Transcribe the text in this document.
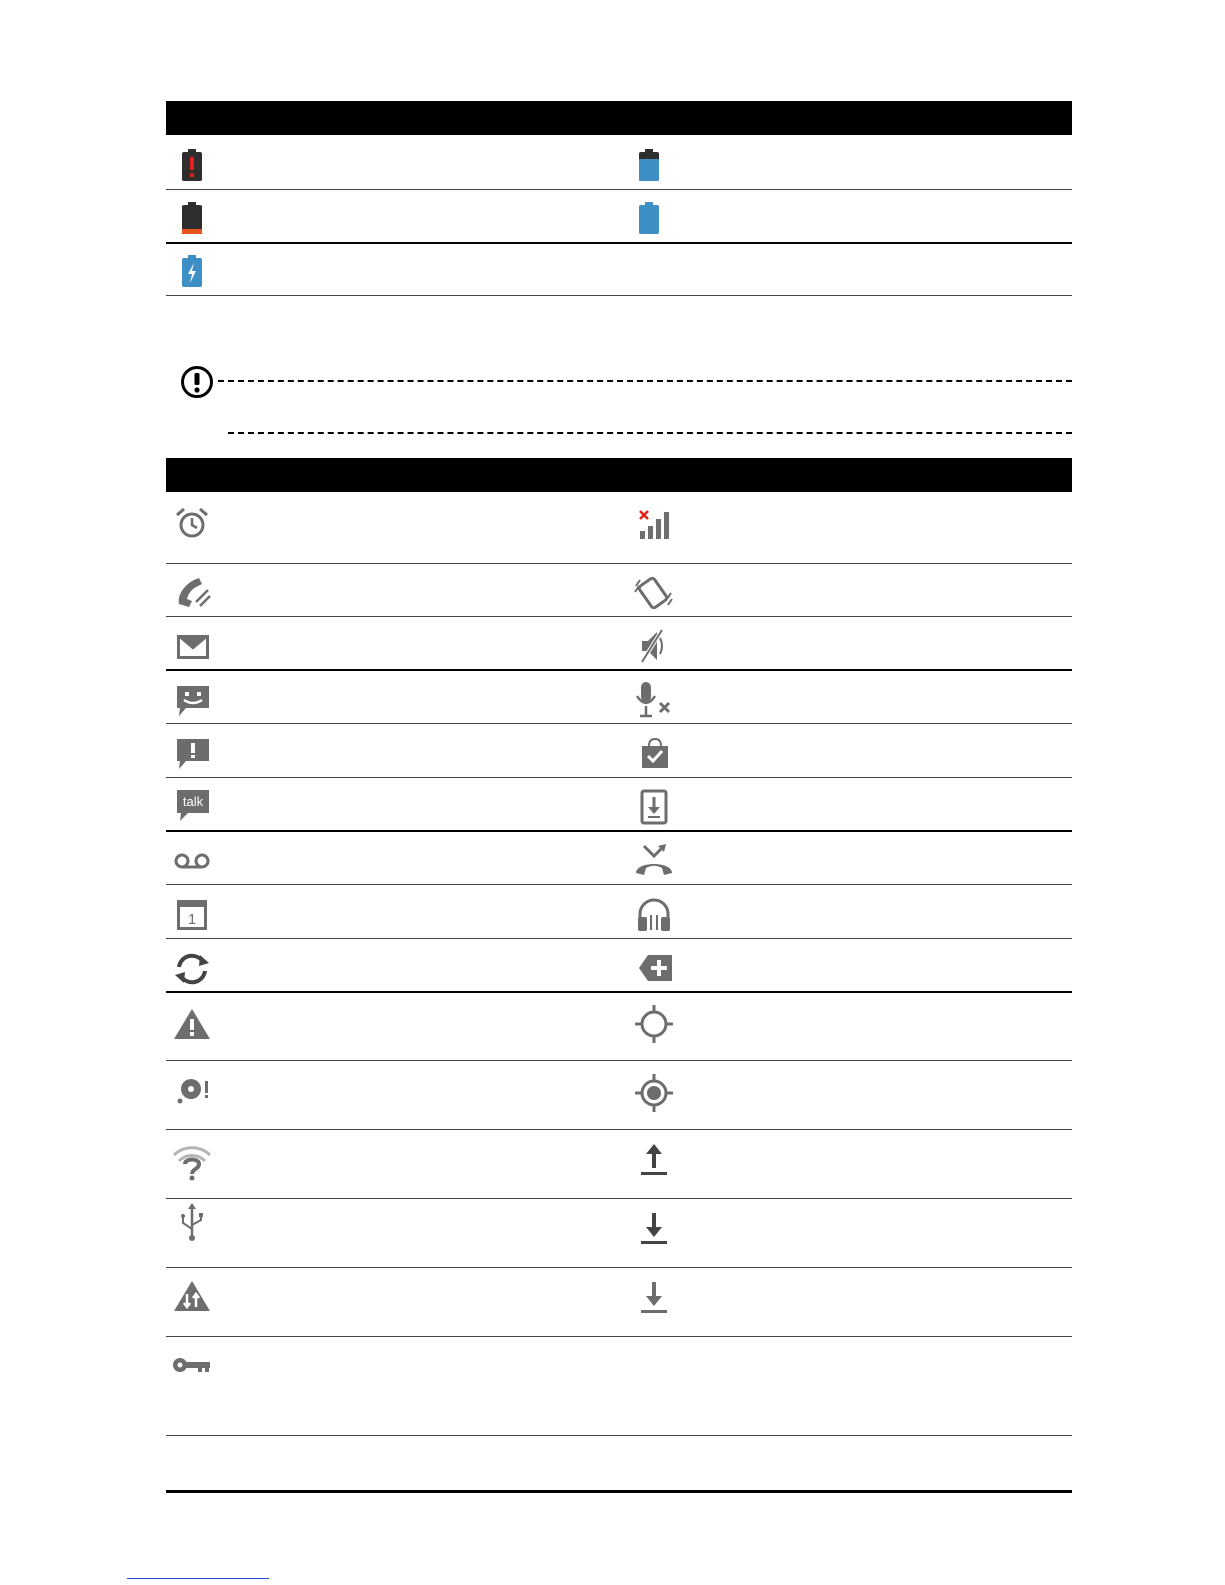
talk
1
